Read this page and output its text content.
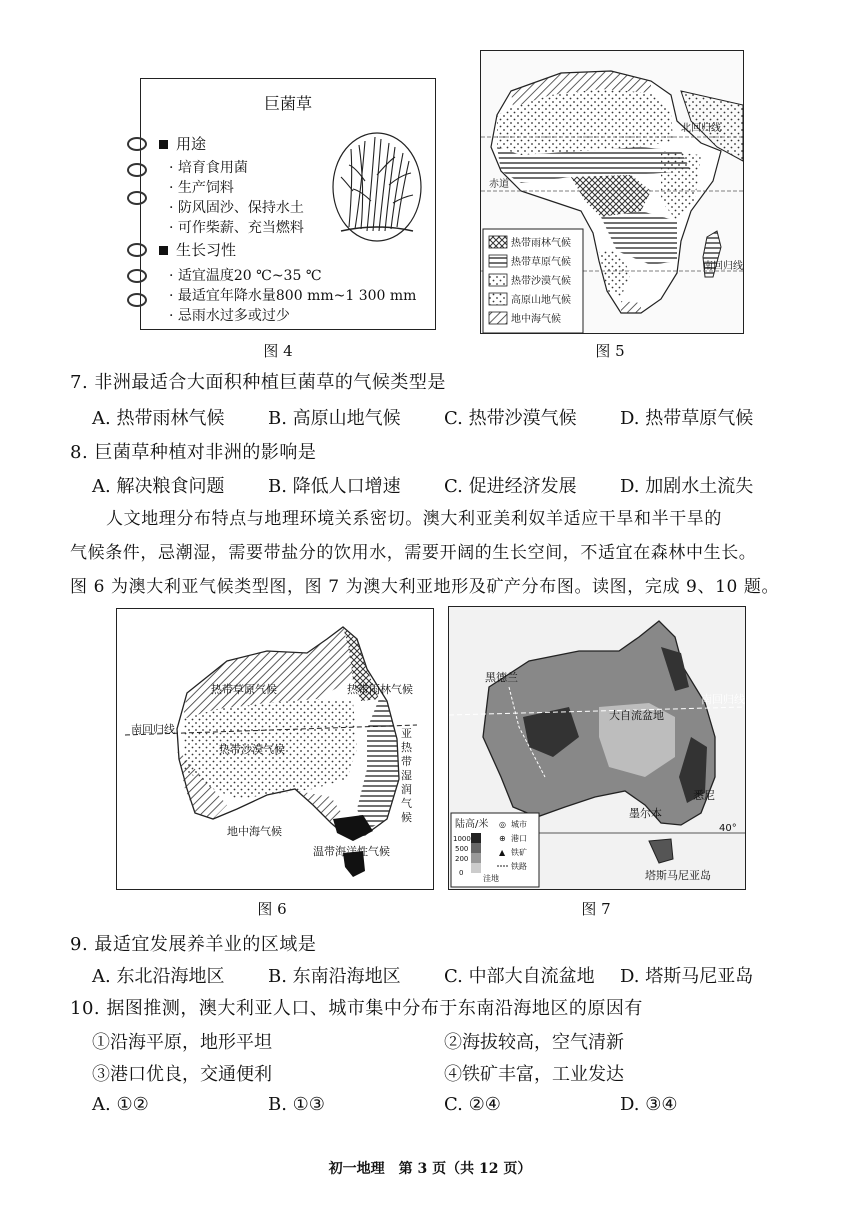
巨菌草
用途
· 培育食用菌
· 生产饲料
· 防风固沙、保持水土
· 可作柴薪、充当燃料
生长习性
· 适宜温度20 ℃~35 ℃
· 最适宜年降水量800 mm~1 300 mm
· 忌雨水过多或过少
图 4
北回归线
赤道
南回归线
热带雨林气候
热带草原气候
热带沙漠气候
高原山地气候
地中海气候
图 5
7. 非洲最适合大面积种植巨菌草的气候类型是
A. 热带雨林气候 B. 高原山地气候 C. 热带沙漠气候 D. 热带草原气候
8. 巨菌草种植对非洲的影响是
A. 解决粮食问题 B. 降低人口增速 C. 促进经济发展 D. 加剧水土流失
人文地理分布特点与地理环境关系密切。澳大利亚美利奴羊适应干旱和半干旱的
气候条件，忌潮湿，需要带盐分的饮用水，需要开阔的生长空间，不适宜在森林中生长。
图 6 为澳大利亚气候类型图，图 7 为澳大利亚地形及矿产分布图。读图，完成 9、10 题。
热带草原气候	热带雨林气候
南回归线
热带沙漠气候
亚
热
带
湿
润
气
候
地中海气候
温带海洋性气候
图 6
黑德兰
大自流盆地
南回归线
悉尼
墨尔本
塔斯马尼亚岛
40°
陆高/米
1000
500
200
0
洼地
◎ 城市
⊕ 港口
▲ 铁矿
铁路
图 7
9. 最适宜发展养羊业的区域是
A. 东北沿海地区 B. 东南沿海地区 C. 中部大自流盆地 D. 塔斯马尼亚岛
10. 据图推测，澳大利亚人口、城市集中分布于东南沿海地区的原因有
①沿海平原，地形平坦	②海拔较高，空气清新
③港口优良，交通便利	④铁矿丰富，工业发达
A. ①②	B. ①③	C. ②④	D. ③④
初一地理　第 3 页（共 12 页）
